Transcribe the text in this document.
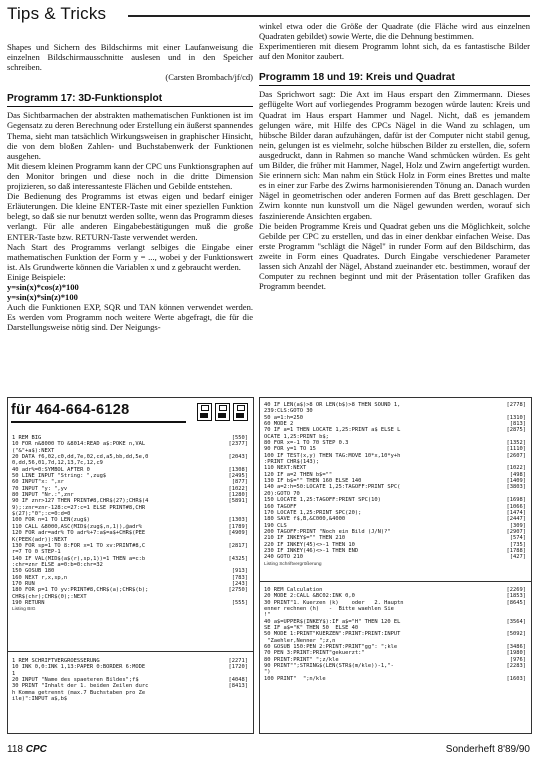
Tips & Tricks

Shapes und Sichern des Bildschirms mit einer Laufanweisung die einzelnen Bildschirmausschnitte auslesen und in den Speicher schreiben.

(Carsten Brombach/jf/cd)

Programm 17: 3D-Funktionsplot

Das Sichtbarmachen der abstrakten mathematischen Funktionen ist im Gegensatz zu deren Berechnung oder Erstellung ein äußerst spannendes Thema, sieht man tatsächlich Wirkungsweisen in graphischer Hinsicht, die von dem bloßen Zahlen- und Buchstabenwerk der Funktionen ausgehen.

Mit diesem kleinen Programm kann der CPC uns Funktionsgraphen auf den Monitor bringen und diese noch in die dritte Dimension projizieren, so daß interessanteste Flächen und Gebilde entstehen.

Die Bedienung des Programms ist etwas eigen und bedarf einiger Erläuterungen. Die kleine ENTER-Taste mit einer speziellen Funktion belegt, so daß sie nur benutzt werden sollte, wenn das Programm dieses verlangt. Für alle anderen Eingabebestätigungen muß die große ENTER-Taste bzw. RETURN-Taste verwendet werden.

Nach Start des Programms verlangt selbiges die Eingabe einer mathematischen Funktion der Form y = ..., wobei y der Funktionswert ist. Als Grundwerte können die Variablen x und z gebraucht werden.

Einige Beispiele:

y=sin(x)*cos(z)*100

y=sin(x)*sin(z)*100

Auch die Funktionen EXP, SQR und TAN können verwendet werden. Es werden vom Programm noch weitere Werte abgefragt, die für die Darstellungsweise nötig sind. Der Neigungs-

winkel etwa oder die Größe der Quadrate (die Fläche wird aus einzelnen Quadraten gebildet) sowie Werte, die die Dehnung bestimmen.

Experimentieren mit diesem Programm lohnt sich, da es fantastische Bilder auf den Monitor zaubert.

Programm 18 und 19: Kreis und Quadrat

Das Sprichwort sagt: Die Axt im Haus erspart den Zimmermann. Dieses geflügelte Wort auf vorliegendes Programm bezogen würde lauten: Kreis und Quadrat im Haus erspart Hammer und Nagel. Nicht, daß es jemandem gelungen wäre, mit Hilfe des CPCs Nägel in die Wand zu schlagen, um hübsche Bilder daran aufzuhängen, dafür ist der Computer nicht stabil genug, nein, gelungen ist es vielmehr, solche hübschen Bilder zu erstellen, die, sofern ausgedruckt, dann in Rahmen so manche Wand schmücken würden. Es geht um Bilder, die früher mit Hammer, Nagel, Holz und Zwirn angefertigt wurden. Sie erinnern sich: Man nahm ein Stück Holz in Form eines Brettes und malte es in einer zur Farbe des Zwirns harmonisierenden Tönung an. Danach wurden Nägel in geometrischen oder anderen Formen auf das Brett geschlagen. Der Zwirn konnte nun kunstvoll um die Nägel gewunden werden, worauf sich faszinierende Ansichten ergaben.

Die beiden Programme Kreis und Quadrat geben uns die Möglichkeit, solche Gebilde per CPC zu erstellen, und das in einer denkbar einfachen Weise. Das erste Programm "schlägt die Nägel" in runder Form auf den Bildschirm, das zweite in Form eines Quadrates. Durch Eingabe verschiedener Parameter lassen sich Anzahl der Nägel, Abstand zueinander etc. bestimmen, worauf der Computer zu rechnen beginnt und mit der Präsentation toller Grafiken das Programm beendet.

für 464-664-6128
1 REM BIG	[550]
10 FOR n&8000 TO &8014:READ a$:POKE n,VAL	[2377]
("&"+a$):NEXT
20 DATA f6,02,c0,dd,7e,02,cd,a5,bb,dd,5e,0	[2043]
0,dd,56,01,7d,12,13,7c,12,c9
40 adr%=0:SYMBOL AFTER 0	[1308]
50 LINE INPUT "String: ",zug$	[2495]
60 INPUT"x: ",xr	[877]
70 INPUT "y: ",yv	[1022]
80 INPUT "Nr.:",znr	[1280]
90 IF znr>127 THEN PRINT#8,CHR$(27);CHR$(4	[5891]
9);:znr=znr-128:c=27:c=1 ELSE PRINT#8,CHR
$(27);"0";:c=0:d=0
100 FOR n=1 TO LEN(zug$)	[1303]
110 CALL &8000,ASC(MID$(zug$,n,1)),@adr%	[1789]
120 FOR adr=adr% TO adr%+7:a$=a$+CHR$(PEE	[4909]
K(PEEK(adr)):NEXT
130 FOR sp=1 TO 8:FOR x=1 TO xv:PRINT#8,C	[2817]
r=7 TO 0 STEP-1
140 IF VAL(MID$(a$(r),sp,1))=1 THEN a=c:b	[4325]
:chr=znr ELSE a=0:b=0:chr=32
150 GOSUB 180	[913]
160 NEXT r,x,sp,n	[783]
170 RUN	[243]
180 FOR p=1 TO yv:PRINT#8,CHR$(a);CHR$(b);	[2750]
CHR$(chr);CHR$(0);:NEXT
190 RETURN	[555]
Listing BIG
1 REM SCHRIFTVERGROESSERUNG	[2271]
10 INK 0,0:INK 1,13:PAPER 0:BORDER 6:MODE	[1720]
1
20 INPUT "Name des spaeteren Bildes";f$	[4048]
30 PRINT "Inhalt der 1. beiden Zeilen durc	[8413]
h Komma getrennt (max.7 Buchstaben pro Ze
ile)":INPUT a$,b$
40 IF LEN(a$)>8 OR LEN(b$)>8 THEN SOUND 1,	[2778]
239:CLS:GOTO 30
50 a=1:h=250	[1310]
60 MODE 2	[813]
70 IF a=1 THEN LOCATE 1,25:PRINT a$ ELSE L	[2875]
OCATE 1,25:PRINT b$;
80 FOR x=-1 TO 70 STEP 0.3	[1352]
90 FOR y=1 TO 15	[1110]
100 IF TEST(x,y) THEN TAG:MOVE 10*x,10*y+h	[2607]
:PRINT CHR$(143);
110 NEXT:NEXT	[1022]
120 IF a=2 THEN b$=""	[498]
130 IF b$="" THEN 160 ELSE 140	[1409]
140 a=2:h=50:LOCATE 1,25:TAGOFF:PRINT SPC(	[3803]
20):GOTO 70
150 LOCATE 1,25:TAGOFF:PRINT SPC(10)	[1698]
160 TAGOFF	[1066]
170 LOCATE 1,25:PRINT SPC(20);	[1474]
180 SAVE f$,B,&C000,&4000	[2447]
190 CLS	[309]
200 TAGOFF:PRINT "Noch ein Bild (J/N)?"	[2907]
210 IF INKEY$="" THEN 210	[574]
220 IF INKEY(45)<>-1 THEN 10	[735]
230 IF INKEY(46)<>-1 THEN END	[1788]
240 GOTO 210	[427]
Listing Schriftvergrößerung
10 REM Calculation	[2269]
20 MODE 2:CALL &BC02:INK 0,0	[1853]
30 PRINT"1. Kuerzen (k)    oder   2. Hauptn	[8645]
enner rechnen (h)   -  Bitte waehlen Sie
!"
40 a$=UPPER$(INKEY$):IF a$="H" THEN 120 EL	[3564]
SE IF a$="K" THEN 50  ELSE 40
50 MODE 1:PRINT"KUERZEN":PRINT:PRINT:INPUT	[5092]
"Zaehler,Nenner ";z,n
60 GOSUB 150:PEN 2:PRINT:PRINT"gg": ";kle	[3486]
70 PEN 3:PRINT:PRINT"gekuerzt:"	[1980]
80 PRINT:PRINT" ";z/kle	[976]
90 PRINT"";STRING$(LEN(STR$(m/kle))-1,"-	[2283]
")
100 PRINT"  ";n/kle	[1603]
118 CPC	Sonderheft 8'89/90
